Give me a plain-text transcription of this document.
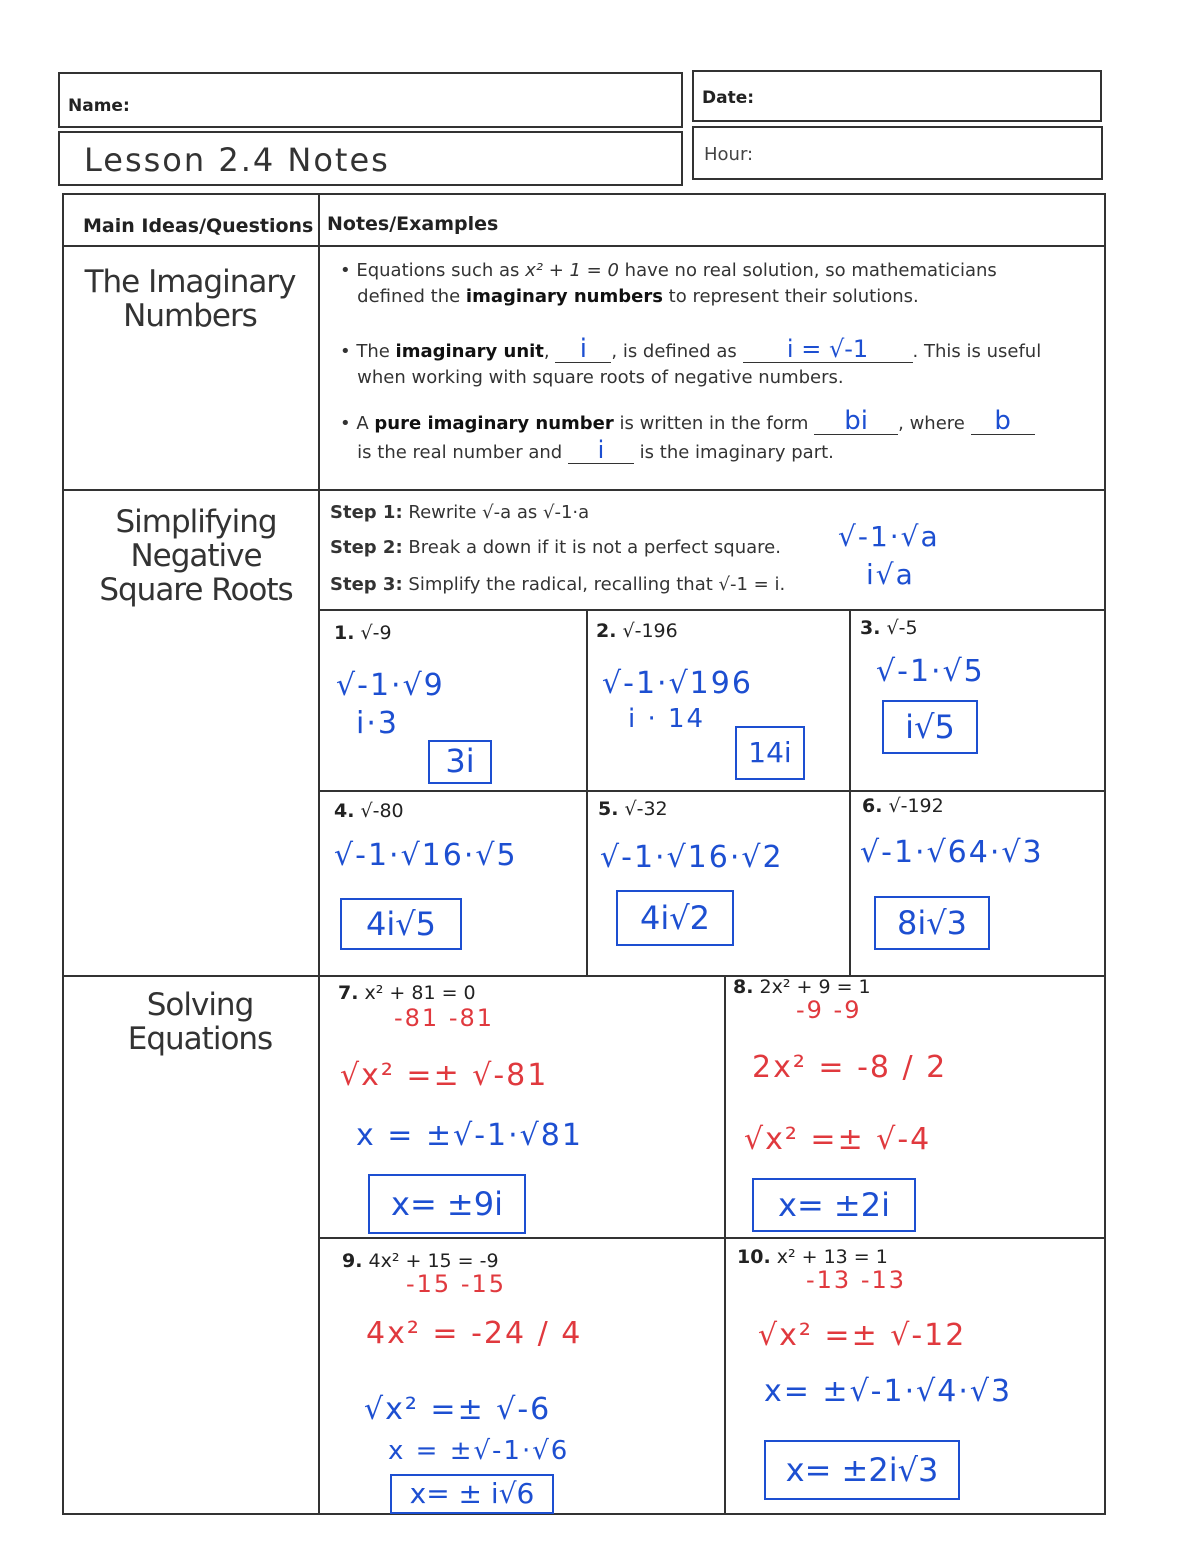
Name:	Date:
Lesson 2.4 Notes	Hour:
Main Ideas/Questions Notes/Examples
The Imaginary Numbers
• Equations such as x² + 1 = 0 have no real solution, so mathematicians
defined the imaginary numbers to represent their solutions.
• The imaginary unit, i , is defined as i = √-1 . This is useful
when working with square roots of negative numbers.
• A pure imaginary number is written in the form bi , where b
is the real number and i is the imaginary part.
Simplifying Negative Square Roots
Step 1: Rewrite √-a as √-1·a
Step 2: Break a down if it is not a perfect square.
Step 3: Simplify the radical, recalling that √-1 = i.
√-1·√a
i√a
1. √-9
√-1·√9
i·3
3i
2. √-196
√-1·√196
i · 14
14i
3. √-5
√-1·√5
i√5
4. √-80
√-1·√16·√5
4i√5
5. √-32
√-1·√16·√2
4i√2
6. √-192
√-1·√64·√3
8i√3
Solving Equations
7. x² + 81 = 0
-81 -81
√x² =± √-81
x = ±√-1·√81
x= ±9i
8. 2x² + 9 = 1
-9 -9
2x² = -8 / 2
√x² =± √-4
x= ±2i
9. 4x² + 15 = -9
-15 -15
4x² = -24 / 4
√x² =± √-6
x = ±√-1·√6
x= ± i√6
10. x² + 13 = 1
-13 -13
√x² =± √-12
x= ±√-1·√4·√3
x= ±2i√3
